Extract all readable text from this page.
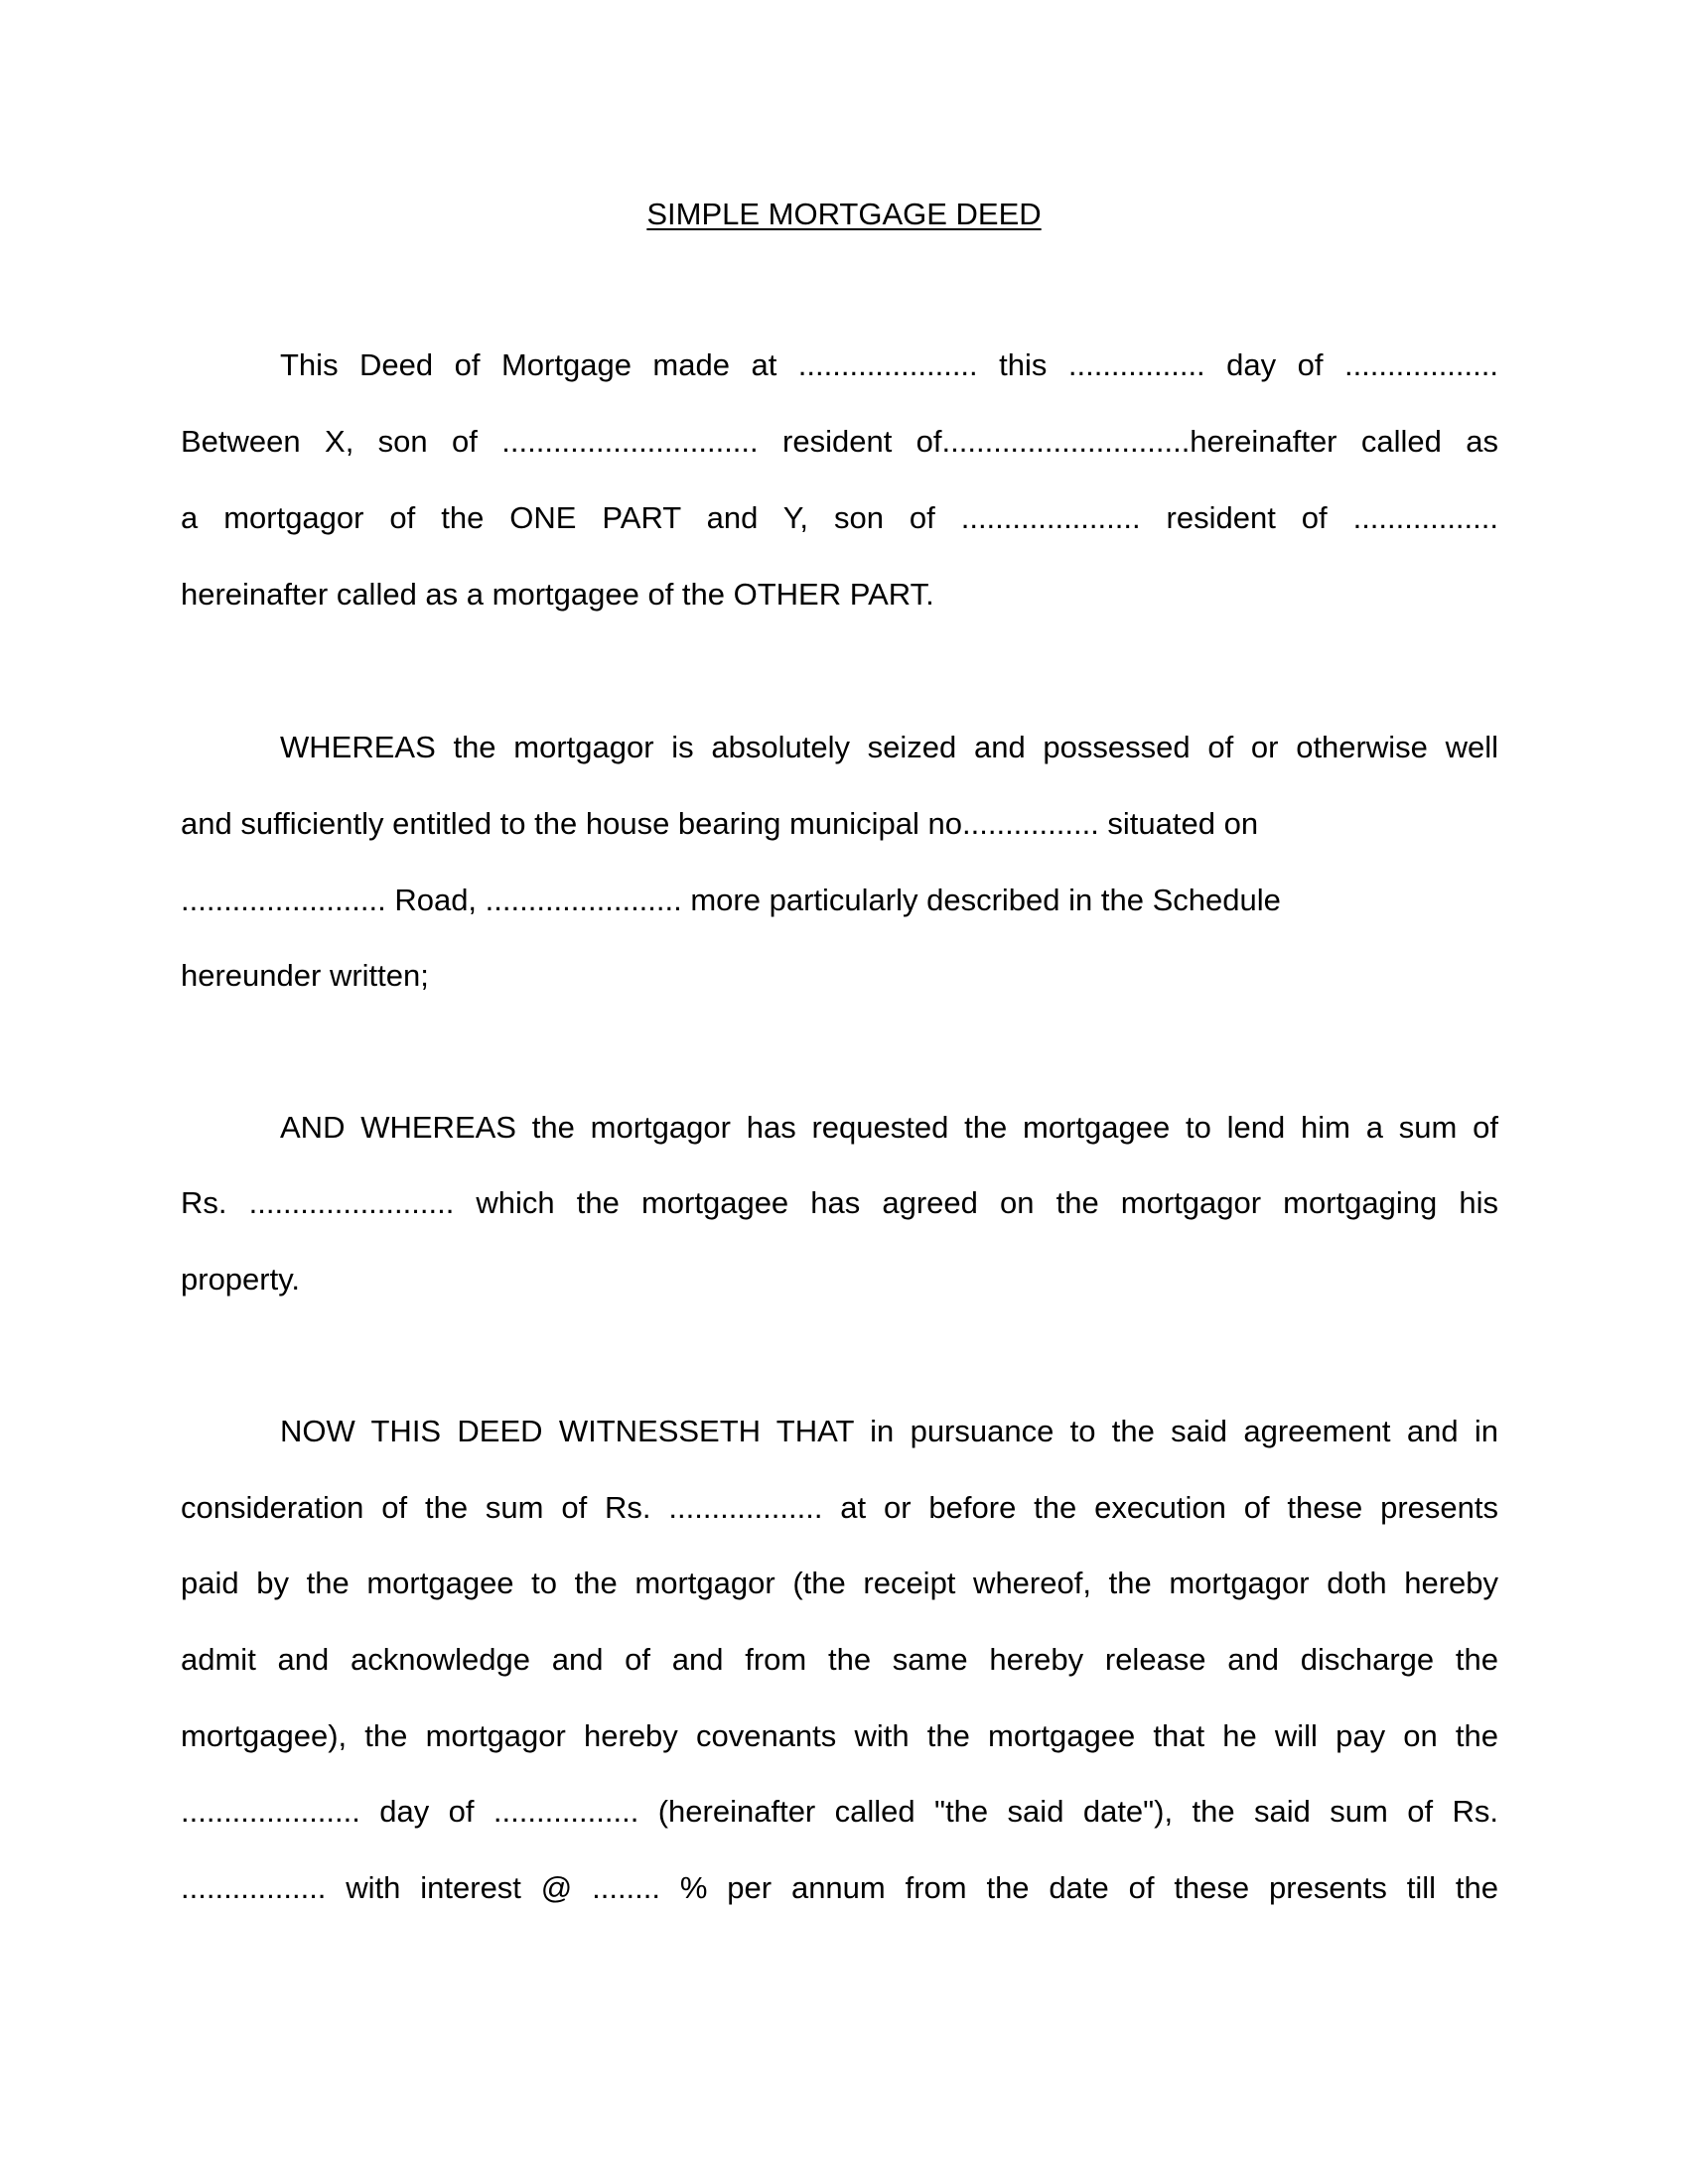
SIMPLE MORTGAGE DEED
This Deed of Mortgage made at ..................... this ................ day of ..................
Between X, son of .............................. resident of.............................hereinafter called as
a mortgagor of the ONE PART and Y, son of ..................... resident of .................
hereinafter called as a mortgagee of the OTHER PART.
WHEREAS the mortgagor is absolutely seized and possessed of or otherwise well
and sufficiently entitled to the house bearing municipal no................ situated on
........................ Road, ....................... more particularly described in the Schedule
hereunder written;
AND WHEREAS the mortgagor has requested the mortgagee to lend him a sum of
Rs. ........................ which the mortgagee has agreed on the mortgagor mortgaging his
property.
NOW THIS DEED WITNESSETH THAT in pursuance to the said agreement and in
consideration of the sum of Rs. .................. at or before the execution of these presents
paid by the mortgagee to the mortgagor (the receipt whereof, the mortgagor doth hereby
admit and acknowledge and of and from the same hereby release and discharge the
mortgagee), the mortgagor hereby covenants with the mortgagee that he will pay on the
..................... day of ................. (hereinafter called "the said date"), the said sum of Rs.
................. with interest @ ........ % per annum from the date of these presents till the
